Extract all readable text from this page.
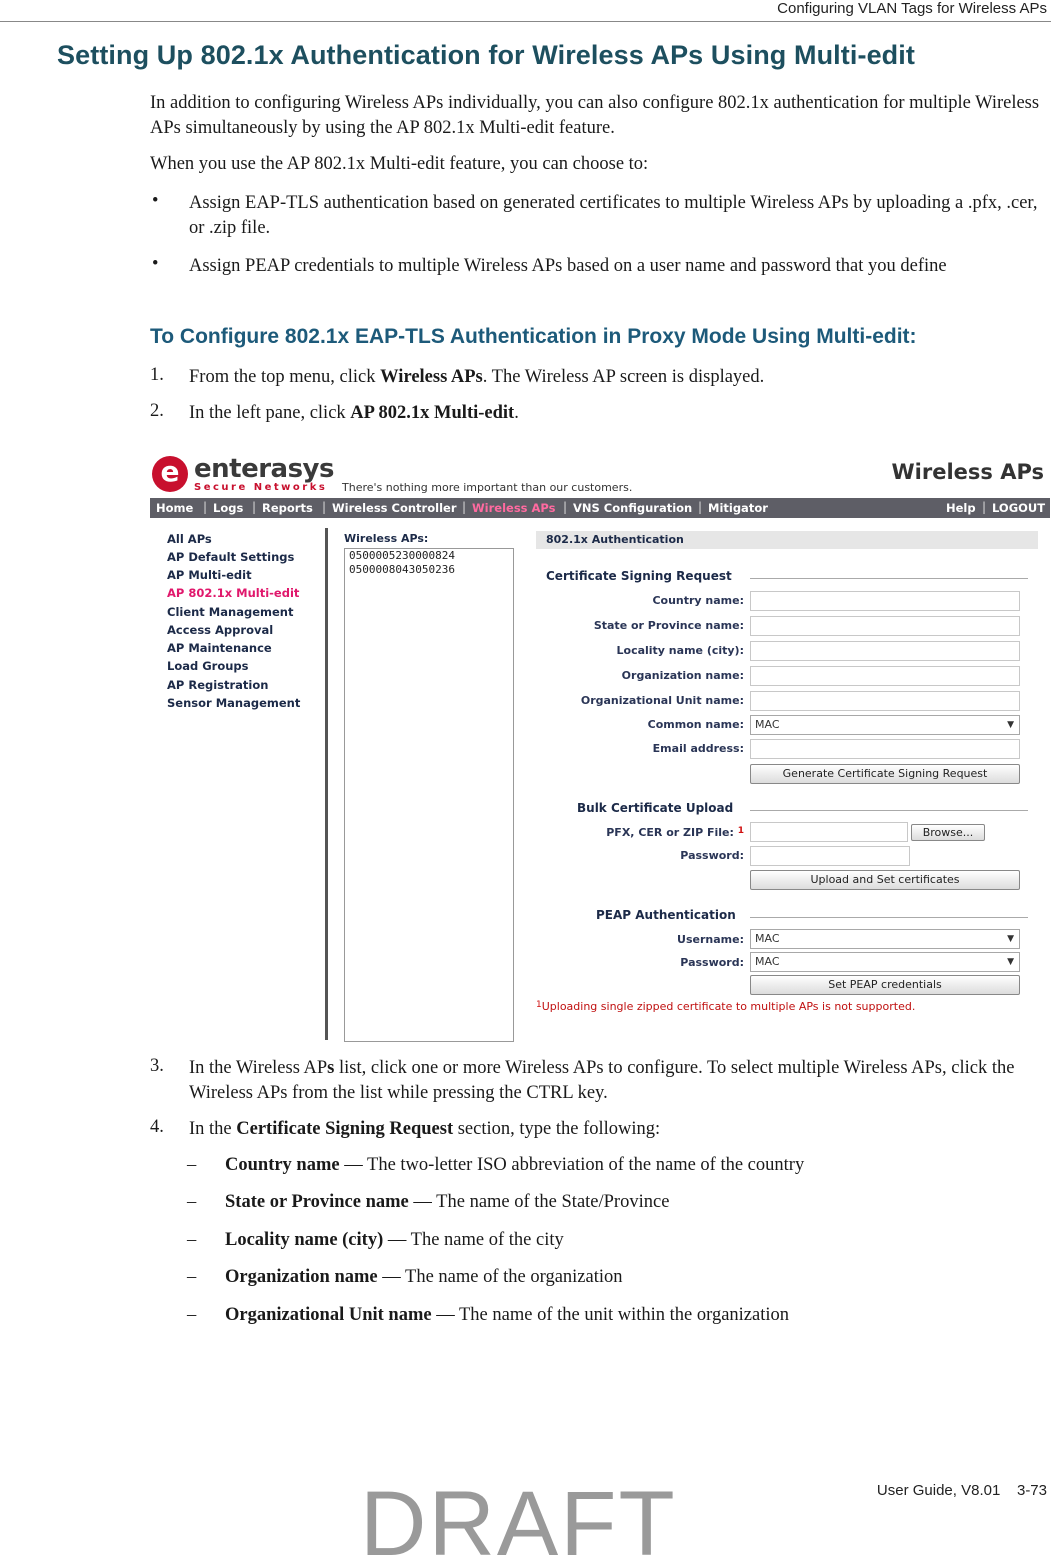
Configuring VLAN Tags for Wireless APs
Setting Up 802.1x Authentication for Wireless APs Using Multi-edit
In addition to configuring Wireless APs individually, you can also configure 802.1x authentication for multiple Wireless APs simultaneously by using the AP 802.1x Multi-edit feature.
When you use the AP 802.1x Multi-edit feature, you can choose to:
• Assign EAP-TLS authentication based on generated certificates to multiple Wireless APs by uploading a .pfx, .cer, or .zip file.
• Assign PEAP credentials to multiple Wireless APs based on a user name and password that you define
To Configure 802.1x EAP-TLS Authentication in Proxy Mode Using Multi-edit:
1. From the top menu, click Wireless APs. The Wireless AP screen is displayed.
2. In the left pane, click AP 802.1x Multi-edit.
e enterasys
Secure Networks There's nothing more important than our customers.
Wireless APs
Home | Logs | Reports | Wireless Controller | Wireless APs | VNS Configuration | Mitigator	Help | LOGOUT
All APs
AP Default Settings
AP Multi-edit
AP 802.1x Multi-edit
Client Management
Access Approval
AP Maintenance
Load Groups
AP Registration
Sensor Management
Wireless APs:
0500005230000824
0500008043050236
802.1x Authentication
Certificate Signing Request
Country name:
State or Province name:
Locality name (city):
Organization name:
Organizational Unit name:
Common name:	MAC	▼
Email address:
Generate Certificate Signing Request
Bulk Certificate Upload
PFX, CER or ZIP File: $^1$	Browse...
Password:
Upload and Set certificates
PEAP Authentication
Username:	MAC	▼
Password:	MAC	▼
Set PEAP credentials
$^1$Uploading single zipped certificate to multiple APs is not supported.
3. In the Wireless APs list, click one or more Wireless APs to configure. To select multiple Wireless APs, click the Wireless APs from the list while pressing the CTRL key.
4. In the Certificate Signing Request section, type the following:
– Country name — The two-letter ISO abbreviation of the name of the country
– State or Province name — The name of the State/Province
– Locality name (city) — The name of the city
– Organization name — The name of the organization
– Organizational Unit name — The name of the unit within the organization
DRAFT	User Guide, V8.01    3-73
